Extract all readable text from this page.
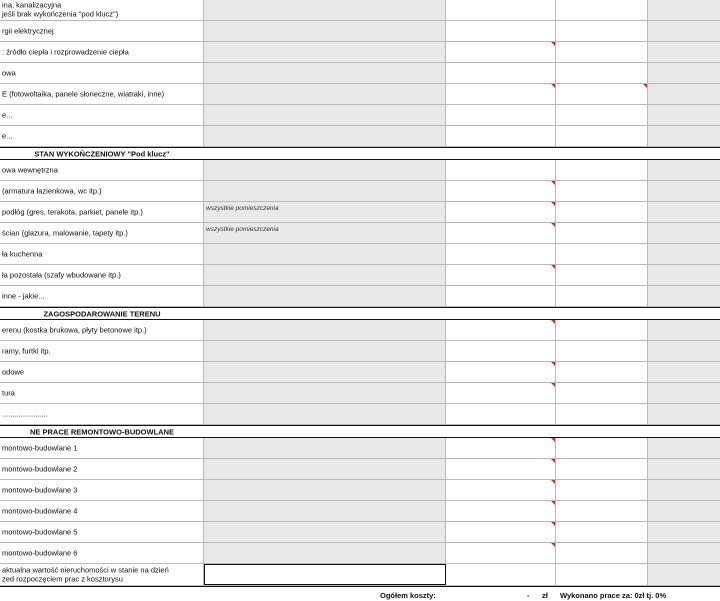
ina, kanalizacyjna
jeśli brak wykończenia "pod klucz")
rgii elektrycznej
: źródło ciepła i rozprowadzenie ciepła
owa
E (fotowoltaika, panele słoneczne, wiatraki, inne)
e...
e...
STAN WYKOŃCZENIOWY "Pod klucz"
owa wewnętrzna
(armatura łazienkowa, wc itp.)
podłóg (gres, terakota, parkiet, panele itp.)	wszystkie pomieszczenia
ścian (glazura, malowanie, tapety itp.)	wszystkie pomieszczenia
ła kuchenna
ła pozostała (szafy wbudowane itp.)
inne - jakie...
ZAGOSPODAROWANIE TERENU
erenu (kostka brukowa, płyty betonowe itp.)
ramy, furtki itp.
odowe
tura
......................
NE PRACE REMONTOWO-BUDOWLANE
montowo-budowlane 1
montowo-budowlane 2
montowo-budowlane 3
montowo-budowlane 4
montowo-budowlane 5
montowo-budowlane 6
aktualna wartość nieruchomości w stanie na dzień
zed rozpoczęciem prac z kosztorysu
Ogółem koszty:	- zł Wykonano prace za: 0zł tj. 0%
